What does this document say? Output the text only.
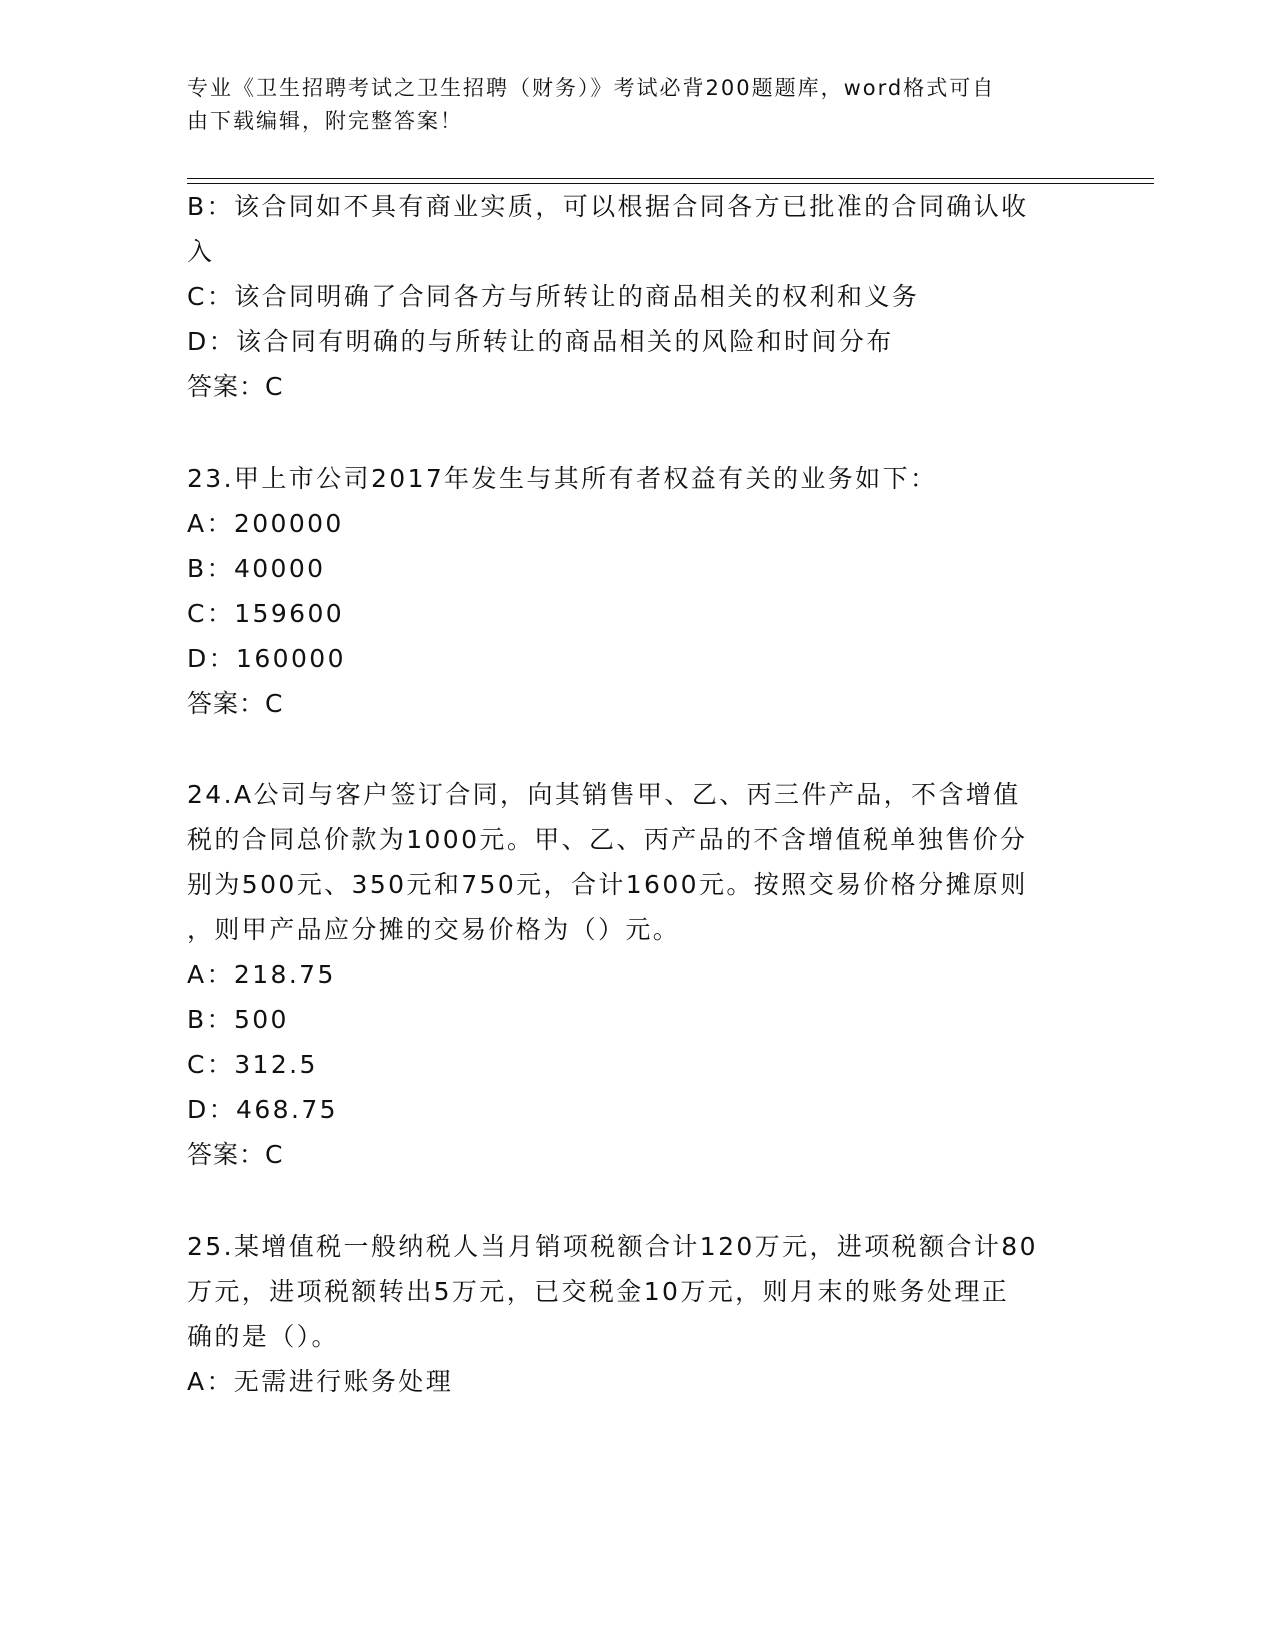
专业《卫生招聘考试之卫生招聘（财务）》考试必背200题题库，word格式可自
由下载编辑，附完整答案！

B：该合同如不具有商业实质，可以根据合同各方已批准的合同确认收

入

C：该合同明确了合同各方与所转让的商品相关的权利和义务

D：该合同有明确的与所转让的商品相关的风险和时间分布

答案：C

23.甲上市公司2017年发生与其所有者权益有关的业务如下：

A：200000

B：40000

C：159600

D：160000

答案：C

24.A公司与客户签订合同，向其销售甲、乙、丙三件产品，不含增值

税的合同总价款为1000元。甲、乙、丙产品的不含增值税单独售价分

别为500元、350元和750元，合计1600元。按照交易价格分摊原则

，则甲产品应分摊的交易价格为（）元。

A：218.75

B：500

C：312.5

D：468.75

答案：C

25.某增值税一般纳税人当月销项税额合计120万元，进项税额合计80

万元，进项税额转出5万元，已交税金10万元，则月末的账务处理正

确的是（）。

A：无需进行账务处理
